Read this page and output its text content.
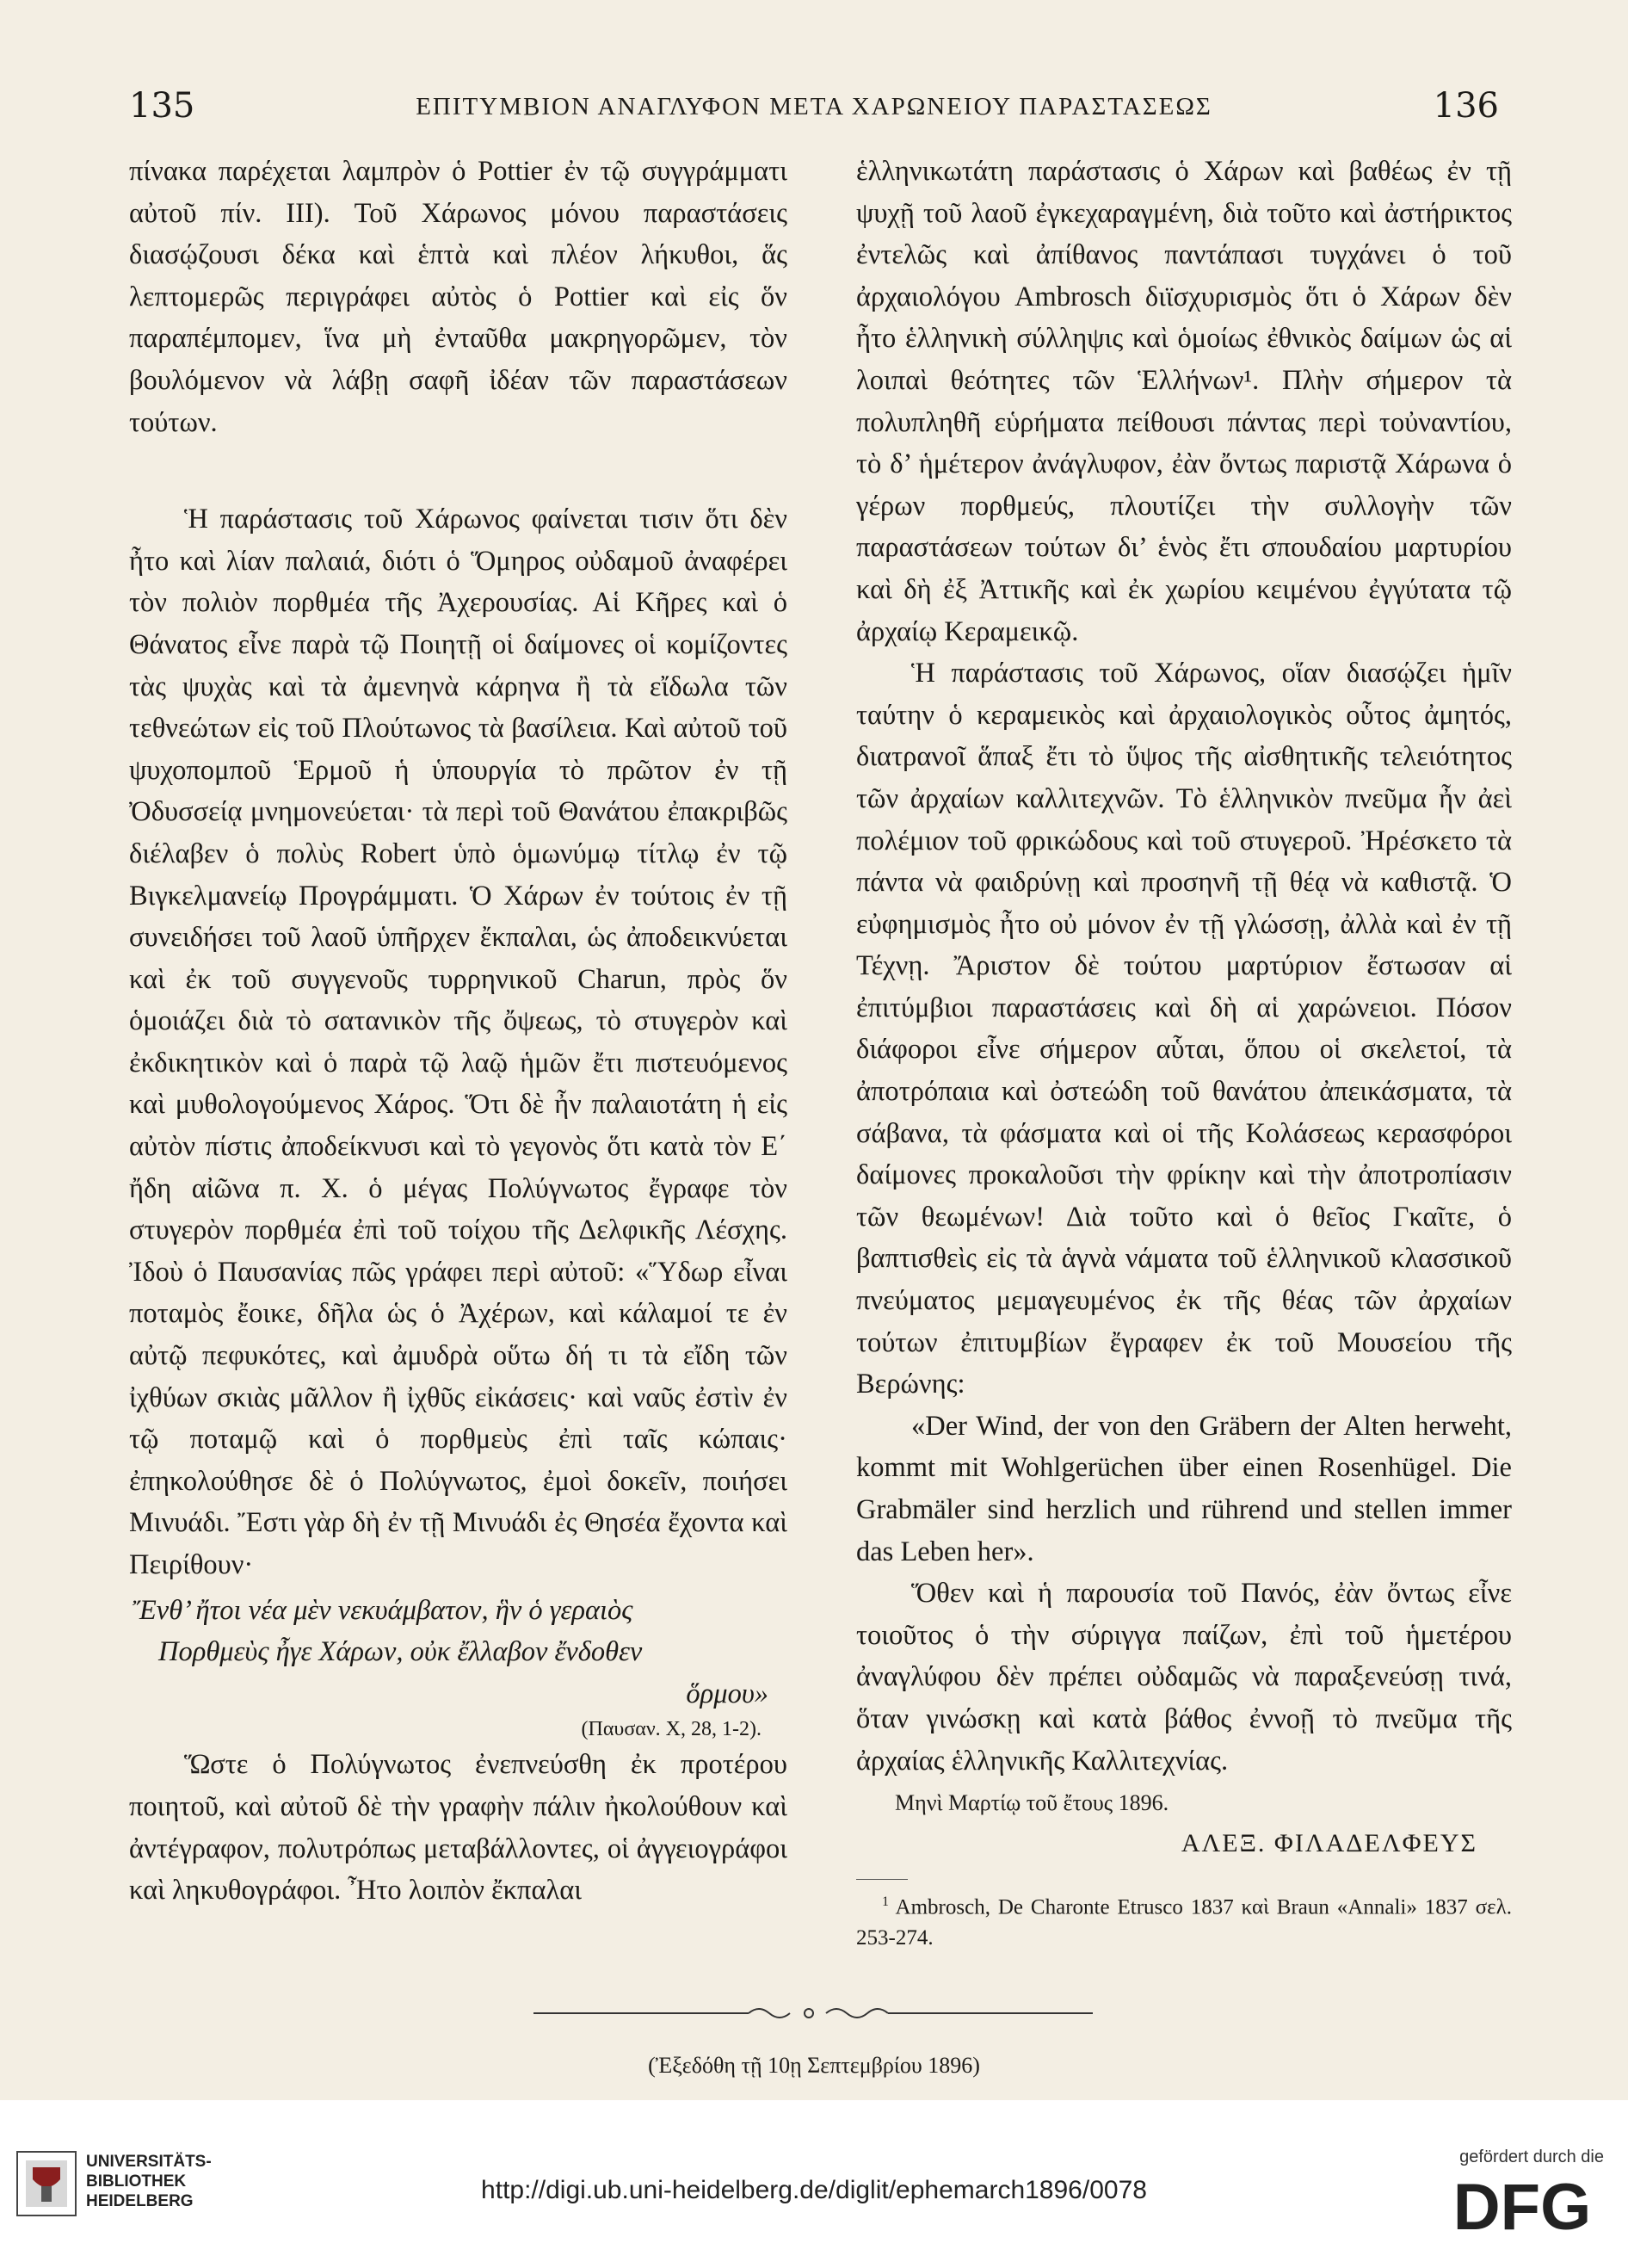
135	ΕΠΙΤΥΜΒΙΟΝ ΑΝΑΓΛΥΦΟΝ ΜΕΤΑ ΧΑΡΩΝΕΙΟΥ ΠΑΡΑΣΤΑΣΕΩΣ	136

πίνακα παρέχεται λαμπρὸν ὁ Pottier ἐν τῷ συγγράμματι αὐτοῦ πίν. III). Τοῦ Χάρωνος μόνου παραστάσεις διασῴζουσι δέκα καὶ ἑπτὰ καὶ πλέον λήκυθοι, ἅς λεπτομερῶς περιγράφει αὐτὸς ὁ Pottier καὶ εἰς ὅν παραπέμπομεν, ἵνα μὴ ἐνταῦθα μακρηγορῶμεν, τὸν βουλόμενον νὰ λάβῃ σαφῆ ἰδέαν τῶν παραστάσεων τούτων.

Ἡ παράστασις τοῦ Χάρωνος φαίνεται τισιν ὅτι δὲν ἦτο καὶ λίαν παλαιά, διότι ὁ Ὅμηρος οὐδαμοῦ ἀναφέρει τὸν πολιὸν πορθμέα τῆς Ἀχερουσίας. Αἱ Κῆρες καὶ ὁ Θάνατος εἶνε παρὰ τῷ Ποιητῇ οἱ δαίμονες οἱ κομίζοντες τὰς ψυχὰς καὶ τὰ ἀμενηνὰ κάρηνα ἢ τὰ εἴδωλα τῶν τεθνεώτων εἰς τοῦ Πλούτωνος τὰ βασίλεια. Καὶ αὐτοῦ τοῦ ψυχοπομποῦ Ἑρμοῦ ἡ ὑπουργία τὸ πρῶτον ἐν τῇ Ὀδυσσείᾳ μνημονεύεται· τὰ περὶ τοῦ Θανάτου ἐπακριβῶς διέλαβεν ὁ πολὺς Robert ὑπὸ ὁμωνύμῳ τίτλῳ ἐν τῷ Βιγκελμανείῳ Προγράμματι. Ὁ Χάρων ἐν τούτοις ἐν τῇ συνειδήσει τοῦ λαοῦ ὑπῆρχεν ἔκπαλαι, ὡς ἀποδεικνύεται καὶ ἐκ τοῦ συγγενοῦς τυρρηνικοῦ Charun, πρὸς ὅν ὁμοιάζει διὰ τὸ σατανικὸν τῆς ὄψεως, τὸ στυγερὸν καὶ ἐκδικητικὸν καὶ ὁ παρὰ τῷ λαῷ ἡμῶν ἔτι πιστευόμενος καὶ μυθολογούμενος Χάρος. Ὅτι δὲ ἦν παλαιοτάτη ἡ εἰς αὐτὸν πίστις ἀποδείκνυσι καὶ τὸ γεγονὸς ὅτι κατὰ τὸν Ε΄ ἤδη αἰῶνα π. Χ. ὁ μέγας Πολύγνωτος ἔγραφε τὸν στυγερὸν πορθμέα ἐπὶ τοῦ τοίχου τῆς Δελφικῆς Λέσχης. Ἰδοὺ ὁ Παυσανίας πῶς γράφει περὶ αὐτοῦ: «Ὕδωρ εἶναι ποταμὸς ἔοικε, δῆλα ὡς ὁ Ἀχέρων, καὶ κάλαμοί τε ἐν αὐτῷ πεφυκότες, καὶ ἀμυδρὰ οὕτω δή τι τὰ εἴδη τῶν ἰχθύων σκιὰς μᾶλλον ἢ ἰχθῦς εἰκάσεις· καὶ ναῦς ἐστὶν ἐν τῷ ποταμῷ καὶ ὁ πορθμεὺς ἐπὶ ταῖς κώπαις· ἐπηκολούθησε δὲ ὁ Πολύγνωτος, ἐμοὶ δοκεῖν, ποιήσει Μινυάδι. Ἔστι γὰρ δὴ ἐν τῇ Μινυάδι ἐς Θησέα ἔχοντα καὶ Πειρίθουν·

Ἔνθ’ ἤτοι νέα μὲν νεκυάμβατον, ἣν ὁ γεραιὸς
Πορθμεὺς ἦγε Χάρων, οὐκ ἔλλαβον ἔνδοθεν
ὅρμου»
(Παυσαν. Χ, 28, 1-2).

Ὥστε ὁ Πολύγνωτος ἐνεπνεύσθη ἐκ προτέρου ποιητοῦ, καὶ αὐτοῦ δὲ τὴν γραφὴν πάλιν ἠκολούθουν καὶ ἀντέγραφον, πολυτρόπως μεταβάλλοντες, οἱ ἀγγειογράφοι καὶ ληκυθογράφοι. Ἦτο λοιπὸν ἔκπαλαι

ἑλληνικωτάτη παράστασις ὁ Χάρων καὶ βαθέως ἐν τῇ ψυχῇ τοῦ λαοῦ ἐγκεχαραγμένη, διὰ τοῦτο καὶ ἀστήρικτος ἐντελῶς καὶ ἀπίθανος παντάπασι τυγχάνει ὁ τοῦ ἀρχαιολόγου Ambrosch διϊσχυρισμὸς ὅτι ὁ Χάρων δὲν ἦτο ἑλληνικὴ σύλληψις καὶ ὁμοίως ἐθνικὸς δαίμων ὡς αἱ λοιπαὶ θεότητες τῶν Ἑλλήνων¹. Πλὴν σήμερον τὰ πολυπληθῆ εὑρήματα πείθουσι πάντας περὶ τοὐναντίου, τὸ δ’ ἡμέτερον ἀνάγλυφον, ἐὰν ὄντως παριστᾷ Χάρωνα ὁ γέρων πορθμεύς, πλουτίζει τὴν συλλογὴν τῶν παραστάσεων τούτων δι’ ἑνὸς ἔτι σπουδαίου μαρτυρίου καὶ δὴ ἐξ Ἀττικῆς καὶ ἐκ χωρίου κειμένου ἐγγύτατα τῷ ἀρχαίῳ Κεραμεικῷ.

Ἡ παράστασις τοῦ Χάρωνος, οἵαν διασῴζει ἡμῖν ταύτην ὁ κεραμεικὸς καὶ ἀρχαιολογικὸς οὗτος ἀμητός, διατρανοῖ ἅπαξ ἔτι τὸ ὕψος τῆς αἰσθητικῆς τελειότητος τῶν ἀρχαίων καλλιτεχνῶν. Τὸ ἑλληνικὸν πνεῦμα ἦν ἀεὶ πολέμιον τοῦ φρικώδους καὶ τοῦ στυγεροῦ. Ἠρέσκετο τὰ πάντα νὰ φαιδρύνῃ καὶ προσηνῆ τῇ θέᾳ νὰ καθιστᾷ. Ὁ εὐφημισμὸς ἦτο οὐ μόνον ἐν τῇ γλώσσῃ, ἀλλὰ καὶ ἐν τῇ Τέχνῃ. Ἄριστον δὲ τούτου μαρτύριον ἔστωσαν αἱ ἐπιτύμβιοι παραστάσεις καὶ δὴ αἱ χαρώνειοι. Πόσον διάφοροι εἶνε σήμερον αὗται, ὅπου οἱ σκελετοί, τὰ ἀποτρόπαια καὶ ὀστεώδη τοῦ θανάτου ἀπεικάσματα, τὰ σάβανα, τὰ φάσματα καὶ οἱ τῆς Κολάσεως κερασφόροι δαίμονες προκαλοῦσι τὴν φρίκην καὶ τὴν ἀποτροπίασιν τῶν θεωμένων! Διὰ τοῦτο καὶ ὁ θεῖος Γκαῖτε, ὁ βαπτισθεὶς εἰς τὰ ἁγνὰ νάματα τοῦ ἑλληνικοῦ κλασσικοῦ πνεύματος μεμαγευμένος ἐκ τῆς θέας τῶν ἀρχαίων τούτων ἐπιτυμβίων ἔγραφεν ἐκ τοῦ Μουσείου τῆς Βερώνης:

«Der Wind, der von den Gräbern der Alten herweht, kommt mit Wohlgerüchen über einen Rosenhügel. Die Grabmäler sind herzlich und rührend und stellen immer das Leben her».

Ὅθεν καὶ ἡ παρουσία τοῦ Πανός, ἐὰν ὄντως εἶνε τοιοῦτος ὁ τὴν σύριγγα παίζων, ἐπὶ τοῦ ἡμετέρου ἀναγλύφου δὲν πρέπει οὐδαμῶς νὰ παραξενεύσῃ τινά, ὅταν γινώσκῃ καὶ κατὰ βάθος ἐννοῇ τὸ πνεῦμα τῆς ἀρχαίας ἑλληνικῆς Καλλιτεχνίας.

Μηνὶ Μαρτίῳ τοῦ ἔτους 1896.
ΑΛΕΞ. ΦΙΛΑΔΕΛΦΕΥΣ
$^1$ Ambrosch, De Charonte Etrusco 1837 καὶ Braun «Annali» 1837 σελ. 253-274.
(Ἐξεδόθη τῇ 10ῃ Σεπτεμβρίου 1896)
UNIVERSITÄTS-
BIBLIOTHEK
HEIDELBERG	http://digi.ub.uni-heidelberg.de/diglit/ephemarch1896/0078
gefördert durch die
DFG
